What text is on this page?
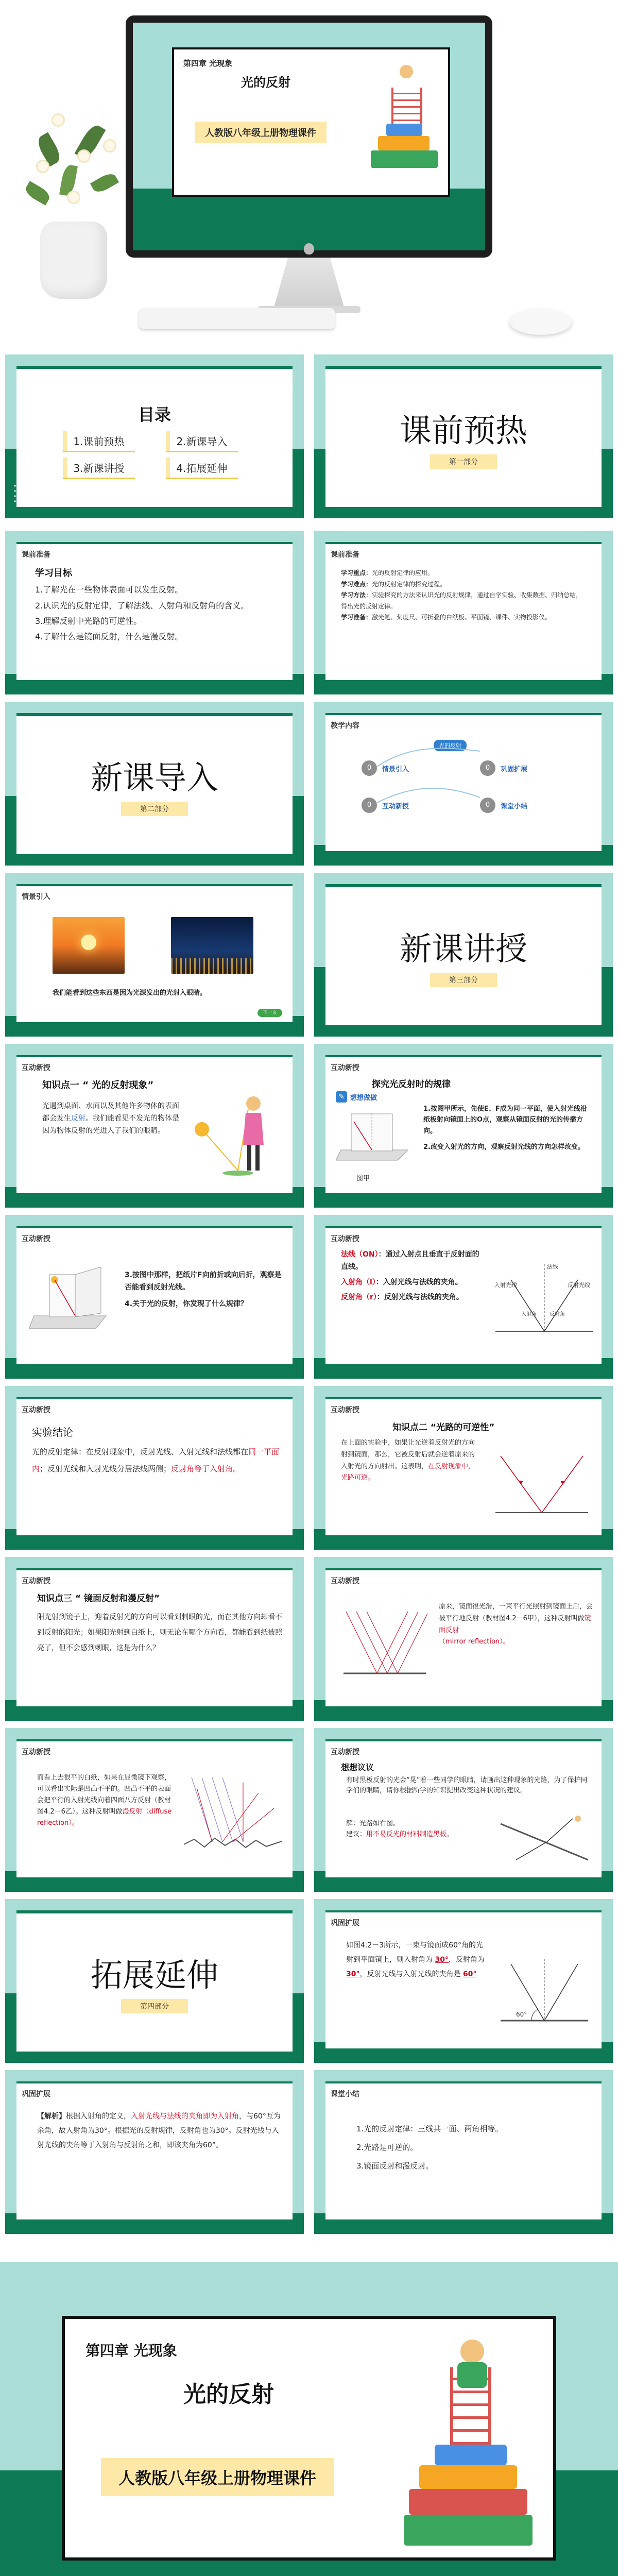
第四章 光现象
光的反射
人教版八年级上册物理课件
目录
1.课前预热	2.新课导入
3.新课讲授	4.拓展延伸
课前预热
第一部分
课前准备

学习目标

1.了解光在一些物体表面可以发生反射。

2.认识光的反射定律，了解法线、入射角和反射角的含义。

3.理解反射中光路的可逆性。

4.了解什么是镜面反射，什么是漫反射。

课前准备

学习重点：光的反射定律的应用。

学习难点：光的反射定律的探究过程。

学习方法：实验探究的方法来认识光的反射规律，通过自学实验、收集数据、归纳总结，得出光的反射定律。

学习准备：激光笔、刻度尺、可折叠的白纸板、平面镜、课件、实物投影仪。

新课导入
第二部分
教学内容
光的反射
0	情景引入	0	巩固扩展
0	互动新授	0	课堂小结
情景引入
我们能看到这些东西是因为光源发出的光射入眼睛。
下一页
新课讲授
第三部分
互动新授
知识点一 “ 光的反射现象”
光遇到桌面、水面以及其他许多物体的表面都会发生反射。我们能看见不发光的物体是因为物体反射的光进入了我们的眼睛。
互动新授
探究光反射时的规律
✎ 想想做做
图甲

1.按图甲所示，先使E、F成为同一平面，使入射光线沿纸板射向镜面上的O点，观察从镜面反射的光的传播方向。

2.改变入射光的方向，观察反射光线的方向怎样改变。

互动新授

3.按图中那样，把纸片F向前折或向后折，观察是否能看到反射光线。

4.关于光的反射，你发现了什么规律？

互动新授

法线（ON）：通过入射点且垂直于反射面的直线。

入射角（i）：入射光线与法线的夹角。

反射角（r）：反射光线与法线的夹角。

法线
入射光线	反射光线
入射角	反射角
互动新授
实验结论
光的反射定律：在反射现象中，反射光线、入射光线和法线都在同一平面内；反射光线和入射光线分居法线两侧；反射角等于入射角。
互动新授
知识点二 “光路的可逆性”
在上面的实验中，如果让光逆着反射光的方向射到镜面，那么，它被反射后就会逆着原来的入射光的方向射出。这表明，在反射现象中，光路可逆。
互动新授
知识点三 “ 镜面反射和漫反射”
阳光射到镜子上，迎着反射光的方向可以看到刺眼的光，而在其他方向却看不到反射的阳光；如果阳光射到白纸上，则无论在哪个方向看，都能看到纸被照亮了，但不会感到刺眼，这是为什么？
互动新授
原来，镜面很光滑，一束平行光照射到镜面上后，会被平行地反射（教材图4.2－6甲），这种反射叫做镜面反射
（mirror reflection）。
互动新授
而看上去很平的白纸，如果在显微镜下观察，可以看出实际是凹凸不平的。凹凸不平的表面会把平行的入射光线向着四面八方反射（教材图4.2－6乙）。这种反射叫做漫反射（diffuse reflection）。
互动新授
想想议议
有时黑板反射的光会“晃”着一些同学的眼睛，请画出这种现象的光路，为了保护同学们的眼睛，请你根据所学的知识提出改变这种状况的建议。

解：光路如右图。

建议：用不易反光的材料制造黑板。

拓展延伸
第四部分
巩固扩展
如图4.2－3所示，一束与镜面成60°角的光射到平面镜上，则入射角为 30°，反射角为 30°，反射光线与入射光线的夹角是 60°
60°
巩固扩展
【解析】根据入射角的定义，入射光线与法线的夹角即为入射角，与60°互为余角，故入射角为30°。根据光的反射规律，反射角也为30°。反射光线与入射光线的夹角等于入射角与反射角之和，即该夹角为60°。
课堂小结

1.光的反射定律：三线共一面、两角相等。

2.光路是可逆的。

3.镜面反射和漫反射。

第四章 光现象
光的反射
人教版八年级上册物理课件
